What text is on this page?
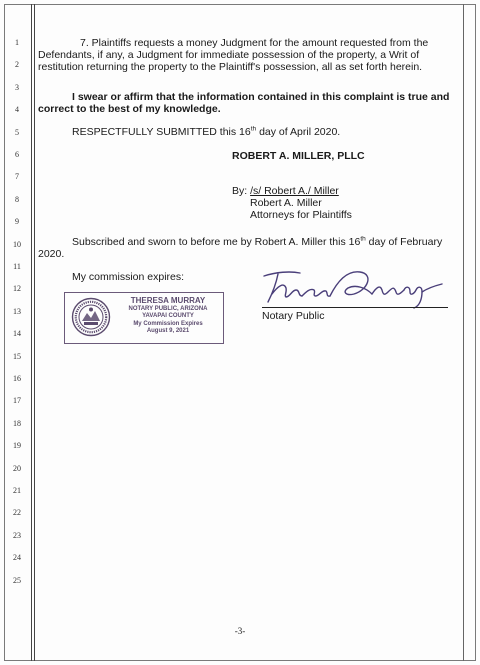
1
2
3
4
5
6
7
8
9
10
11
12
13
14
15
16
17
18
19
20
21
22
23
24
25
7. Plaintiffs requests a money Judgment for the amount requested from the
Defendants, if any, a Judgment for immediate possession of the property, a Writ of
restitution returning the property to the Plaintiff's possession, all as set forth herein.
I swear or affirm that the information contained in this complaint is true and
correct to the best of my knowledge.
RESPECTFULLY SUBMITTED this 16th day of April 2020.
ROBERT A. MILLER, PLLC
By: /s/ Robert A./ Miller
Robert A. Miller
Attorneys for Plaintiffs
Subscribed and sworn to before me by Robert A. Miller this 16th day of February
2020.
My commission expires:
THERESA MURRAY
NOTARY PUBLIC, ARIZONA
YAVAPAI COUNTY
My Commission Expires
August 9, 2021
Notary Public
-3-
